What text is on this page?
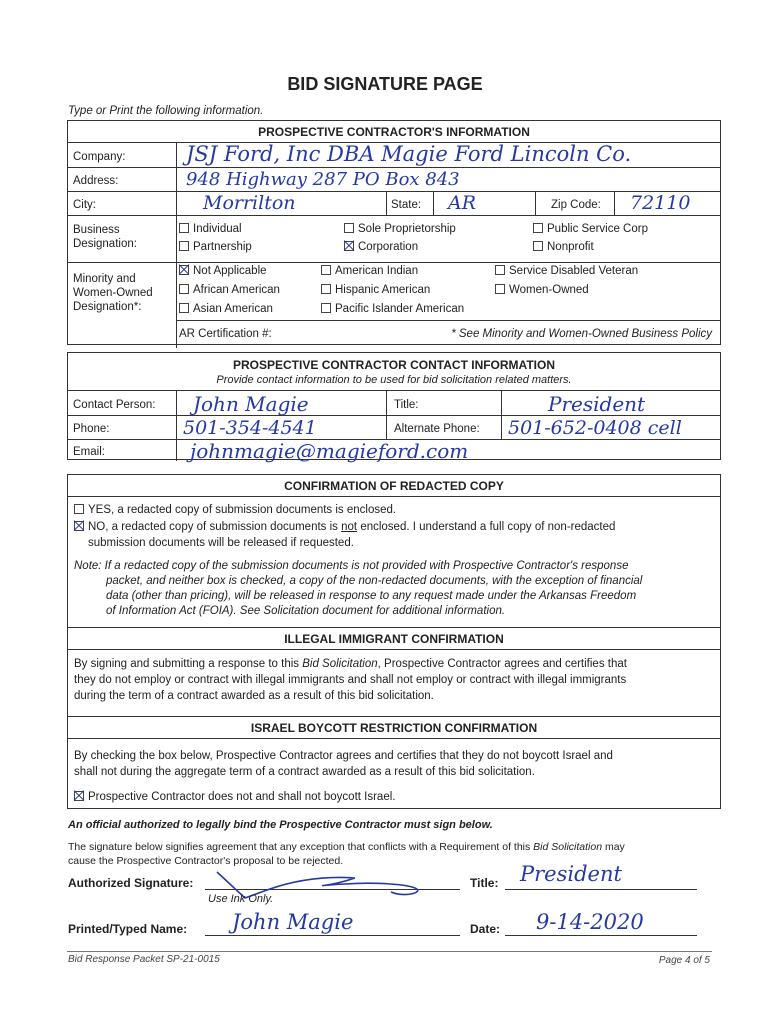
BID SIGNATURE PAGE
Type or Print the following information.
PROSPECTIVE CONTRACTOR'S INFORMATION
Company:	JSJ Ford, Inc DBA Magie Ford Lincoln Co.
Address:	948 Highway 287 PO Box 843
City:	Morrilton	State: AR	Zip Code: 72110
Business Designation:
Individual	Sole Proprietorship	Public Service Corp
Partnership	Corporation	Nonprofit
Minority and Women-Owned Designation*:
Not Applicable	American Indian	Service Disabled Veteran
African American	Hispanic American	Women-Owned
Asian American	Pacific Islander American
AR Certification #:	* See Minority and Women-Owned Business Policy
PROSPECTIVE CONTRACTOR CONTACT INFORMATION
Provide contact information to be used for bid solicitation related matters.
Contact Person: John Magie	Title:	President
Phone:	501-354-4541	Alternate Phone: 501-652-0408 cell
Email:	johnmagie@magieford.com
CONFIRMATION OF REDACTED COPY
YES, a redacted copy of submission documents is enclosed.
NO, a redacted copy of submission documents is not enclosed. I understand a full copy of non-redacted
submission documents will be released if requested.
Note: If a redacted copy of the submission documents is not provided with Prospective Contractor's response
packet, and neither box is checked, a copy of the non-redacted documents, with the exception of financial
data (other than pricing), will be released in response to any request made under the Arkansas Freedom
of Information Act (FOIA). See Solicitation document for additional information.
ILLEGAL IMMIGRANT CONFIRMATION
By signing and submitting a response to this Bid Solicitation, Prospective Contractor agrees and certifies that
they do not employ or contract with illegal immigrants and shall not employ or contract with illegal immigrants
during the term of a contract awarded as a result of this bid solicitation.
ISRAEL BOYCOTT RESTRICTION CONFIRMATION
By checking the box below, Prospective Contractor agrees and certifies that they do not boycott Israel and
shall not during the aggregate term of a contract awarded as a result of this bid solicitation.
Prospective Contractor does not and shall not boycott Israel.
An official authorized to legally bind the Prospective Contractor must sign below.
The signature below signifies agreement that any exception that conflicts with a Requirement of this Bid Solicitation may
cause the Prospective Contractor's proposal to be rejected.
Authorized Signature:
Use Ink Only.
Title: President
Printed/Typed Name: John Magie	Date: 9-14-2020
Bid Response Packet SP-21-0015	Page 4 of 5
